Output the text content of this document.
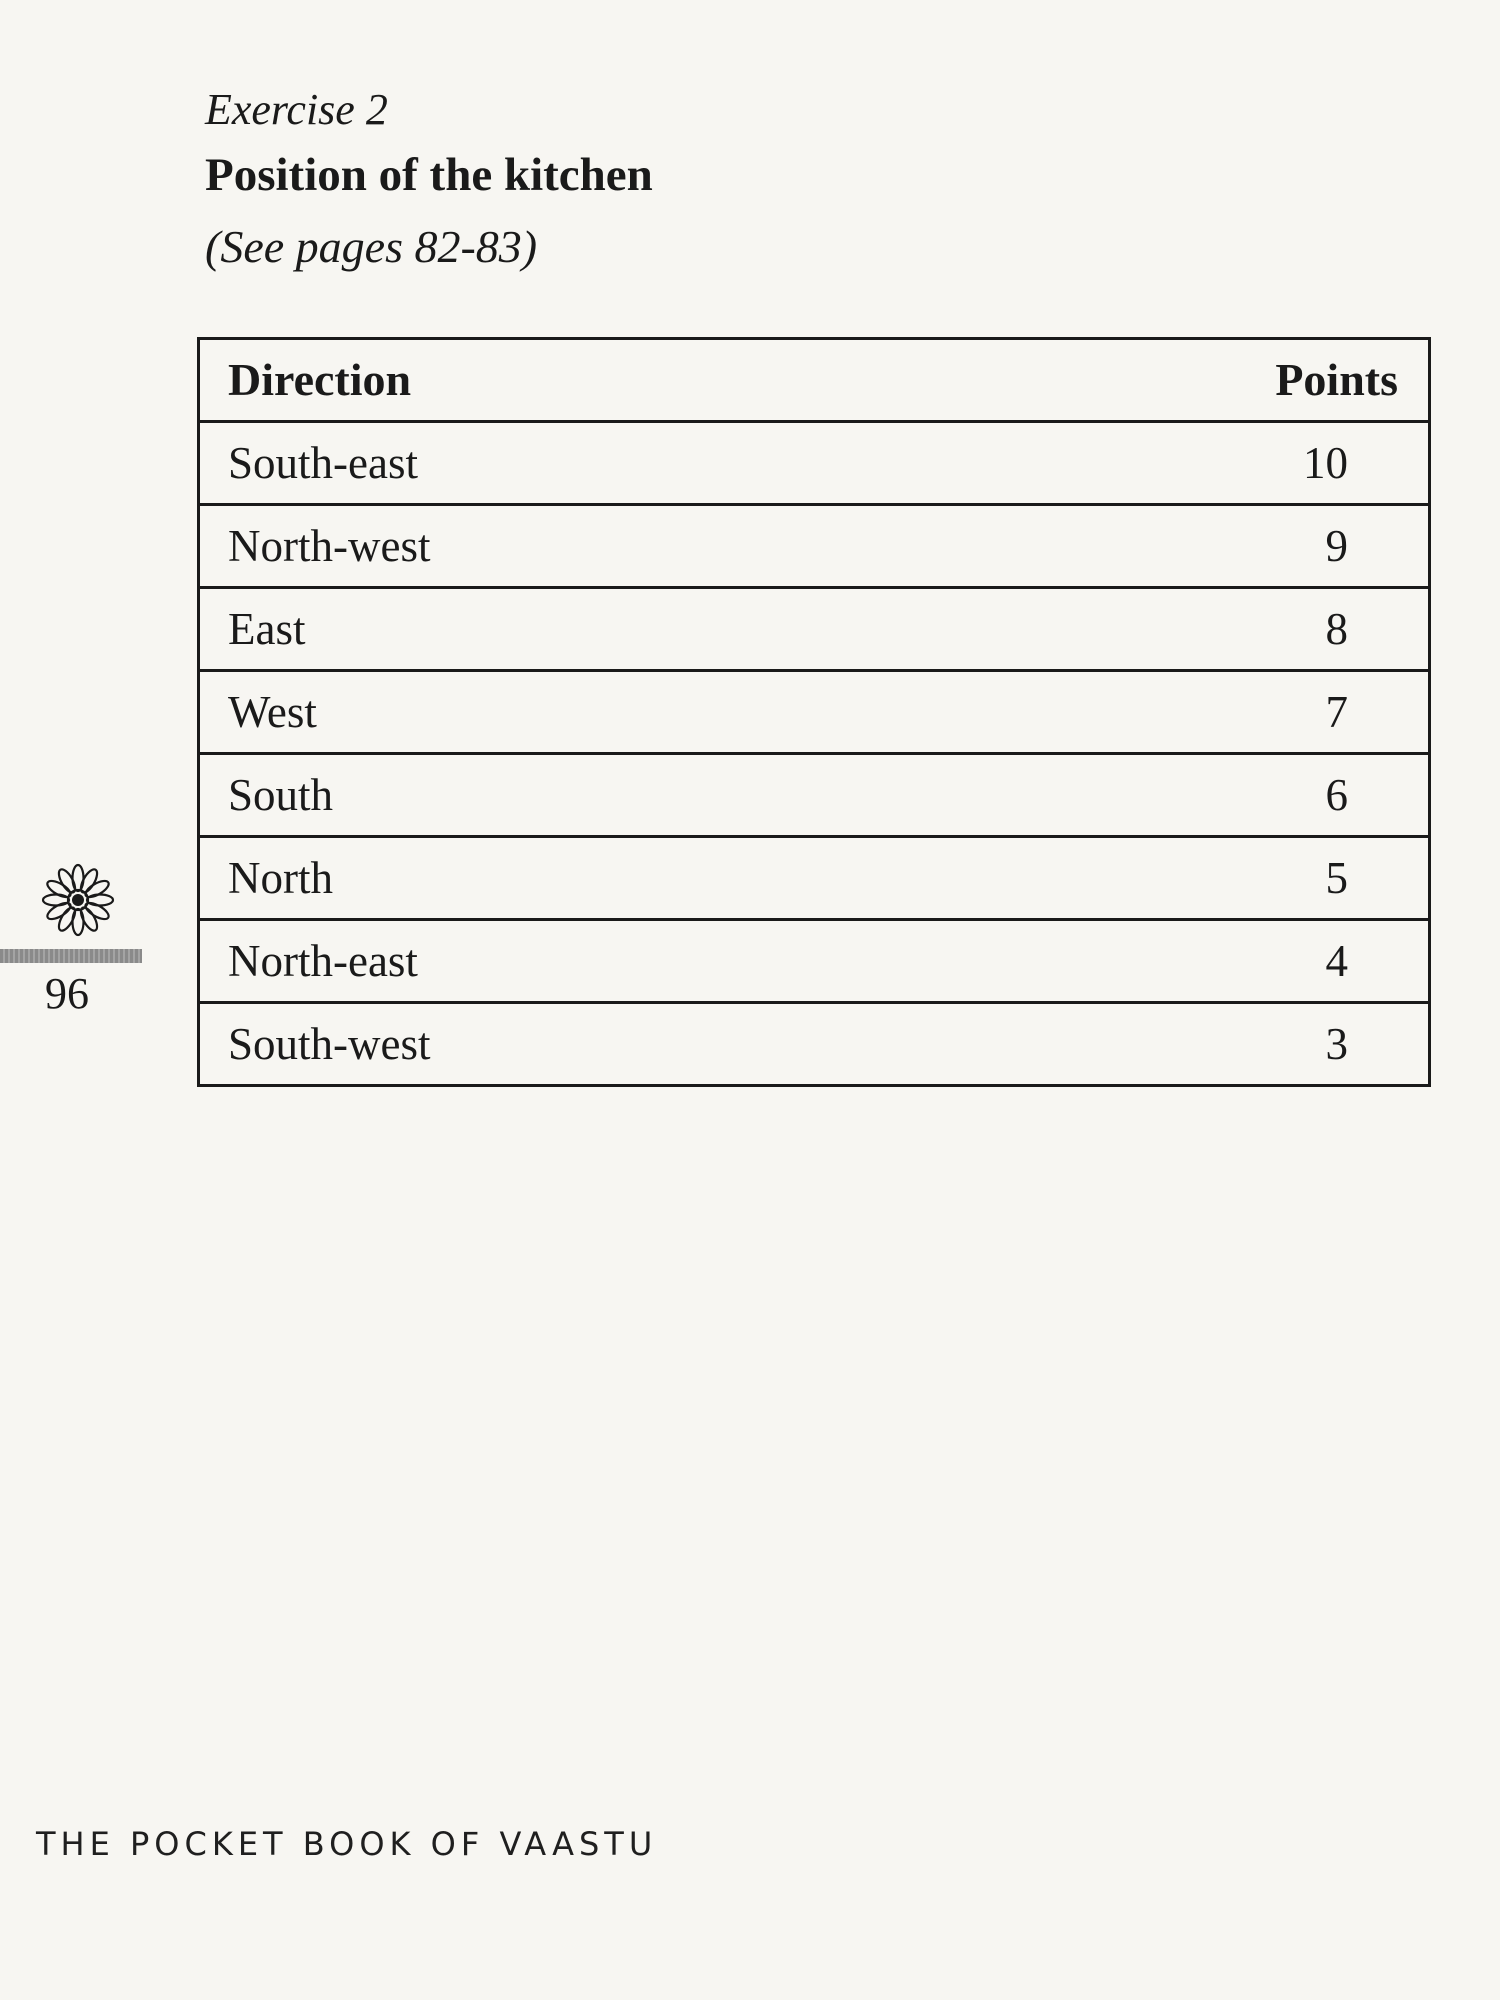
Exercise 2
Position of the kitchen
(See pages 82-83)
Direction	Points
South-east	10
North-west	9
East	8
West	7
South	6
North	5
North-east	4
South-west	3
96
THE POCKET BOOK OF VAASTU
